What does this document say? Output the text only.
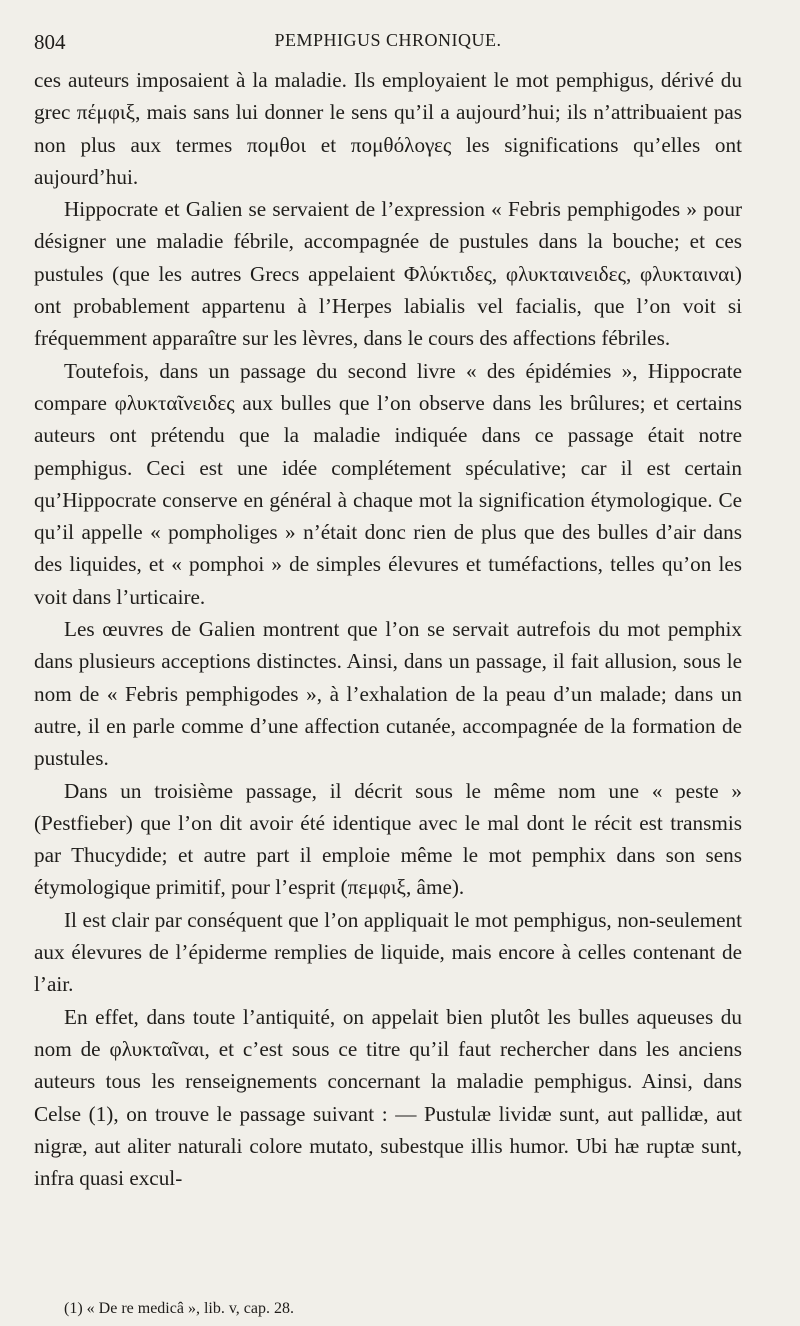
804	PEMPHIGUS CHRONIQUE.

ces auteurs imposaient à la maladie. Ils employaient le mot pemphigus, dérivé du grec πέμφιξ, mais sans lui donner le sens qu’il a aujourd’hui; ils n’attribuaient pas non plus aux termes πομθοι et πομθόλογες les significations qu’elles ont aujourd’hui.

Hippocrate et Galien se servaient de l’expression « Febris pemphigodes » pour désigner une maladie fébrile, accompagnée de pustules dans la bouche; et ces pustules (que les autres Grecs appelaient Φλύκτιδες, φλυκταινειδες, φλυκταιναι) ont probablement appartenu à l’Herpes labialis vel facialis, que l’on voit si fréquemment apparaître sur les lèvres, dans le cours des affections fébriles.

Toutefois, dans un passage du second livre « des épidémies », Hippocrate compare φλυκταῖνειδες aux bulles que l’on observe dans les brûlures; et certains auteurs ont prétendu que la maladie indiquée dans ce passage était notre pemphigus. Ceci est une idée complétement spéculative; car il est certain qu’Hippocrate conserve en général à chaque mot la signification étymologique. Ce qu’il appelle « pompholiges » n’était donc rien de plus que des bulles d’air dans des liquides, et « pomphoi » de simples élevures et tuméfactions, telles qu’on les voit dans l’urticaire.

Les œuvres de Galien montrent que l’on se servait autrefois du mot pemphix dans plusieurs acceptions distinctes. Ainsi, dans un passage, il fait allusion, sous le nom de « Febris pemphigodes », à l’exhalation de la peau d’un malade; dans un autre, il en parle comme d’une affection cutanée, accompagnée de la formation de pustules.

Dans un troisième passage, il décrit sous le même nom une « peste » (Pestfieber) que l’on dit avoir été identique avec le mal dont le récit est transmis par Thucydide; et autre part il emploie même le mot pemphix dans son sens étymologique primitif, pour l’esprit (πεμφιξ, âme).

Il est clair par conséquent que l’on appliquait le mot pemphigus, non-seulement aux élevures de l’épiderme remplies de liquide, mais encore à celles contenant de l’air.

En effet, dans toute l’antiquité, on appelait bien plutôt les bulles aqueuses du nom de φλυκταῖναι, et c’est sous ce titre qu’il faut rechercher dans les anciens auteurs tous les renseignements concernant la maladie pemphigus. Ainsi, dans Celse (1), on trouve le passage suivant : — Pustulæ lividæ sunt, aut pallidæ, aut nigræ, aut aliter naturali colore mutato, subestque illis humor. Ubi hæ ruptæ sunt, infra quasi excul-

(1) « De re medicâ », lib. v, cap. 28.
